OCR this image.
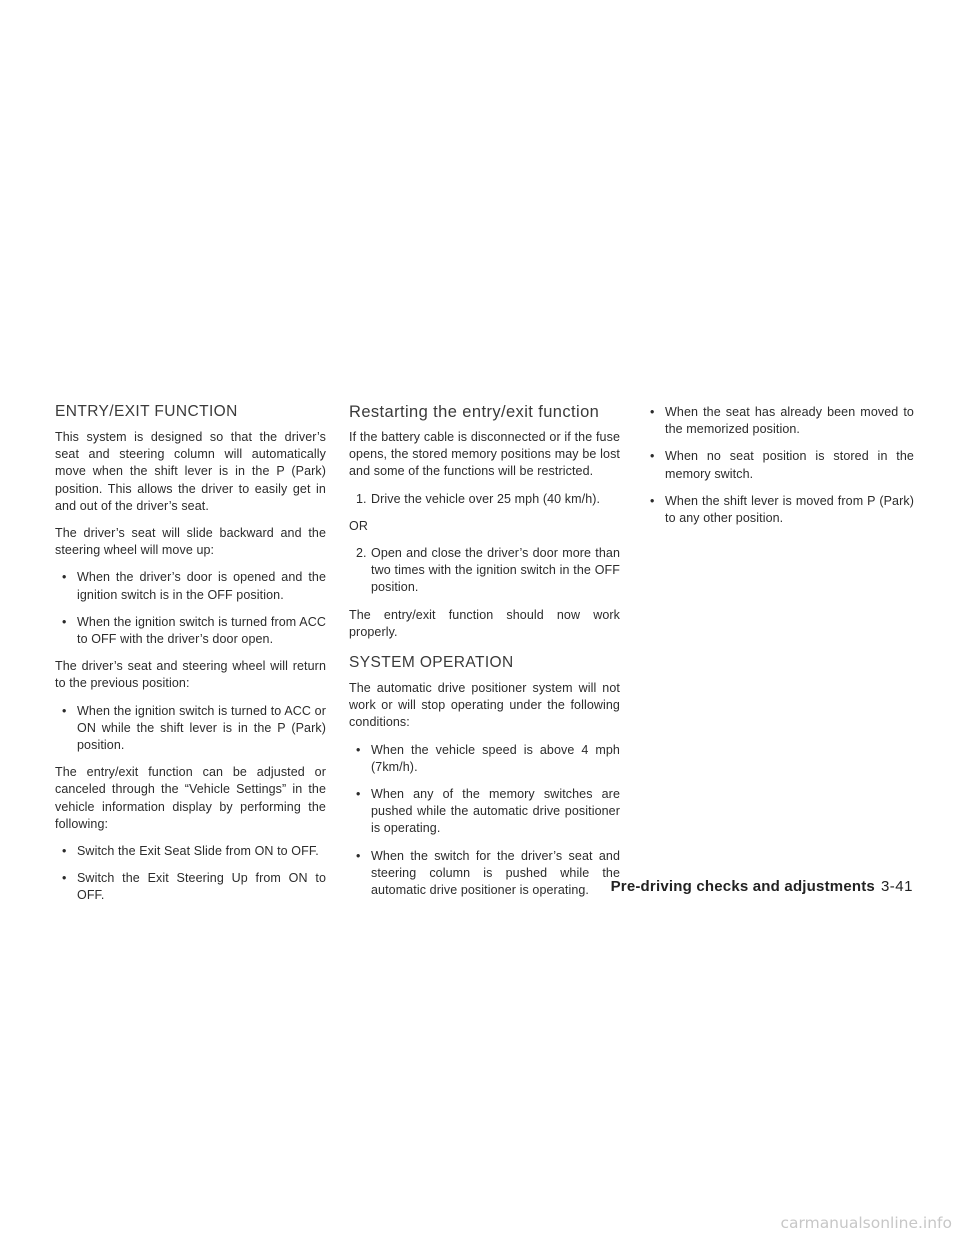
ENTRY/EXIT FUNCTION

This system is designed so that the driver’s seat and steering column will automatically move when the shift lever is in the P (Park) position. This allows the driver to easily get in and out of the driver’s seat.

The driver’s seat will slide backward and the steering wheel will move up:

• When the driver’s door is opened and the ignition switch is in the OFF position.
• When the ignition switch is turned from ACC to OFF with the driver’s door open.

The driver’s seat and steering wheel will return to the previous position:

• When the ignition switch is turned to ACC or ON while the shift lever is in the P (Park) position.

The entry/exit function can be adjusted or canceled through the “Vehicle Settings” in the vehicle information display by performing the following:

• Switch the Exit Seat Slide from ON to OFF.
• Switch the Exit Steering Up from ON to OFF.
Restarting the entry/exit function

If the battery cable is disconnected or if the fuse opens, the stored memory positions may be lost and some of the functions will be restricted.

1. Drive the vehicle over 25 mph (40 km/h).
OR
2. Open and close the driver’s door more than two times with the ignition switch in the OFF position.

The entry/exit function should now work properly.

SYSTEM OPERATION

The automatic drive positioner system will not work or will stop operating under the following conditions:

• When the vehicle speed is above 4 mph (7km/h).
• When any of the memory switches are pushed while the automatic drive positioner is operating.
• When the switch for the driver’s seat and steering column is pushed while the automatic drive positioner is operating.
• When the seat has already been moved to the memorized position.
• When no seat position is stored in the memory switch.
• When the shift lever is moved from P (Park) to any other position.
Pre-driving checks and adjustments 3-41
carmanualsonline.info
